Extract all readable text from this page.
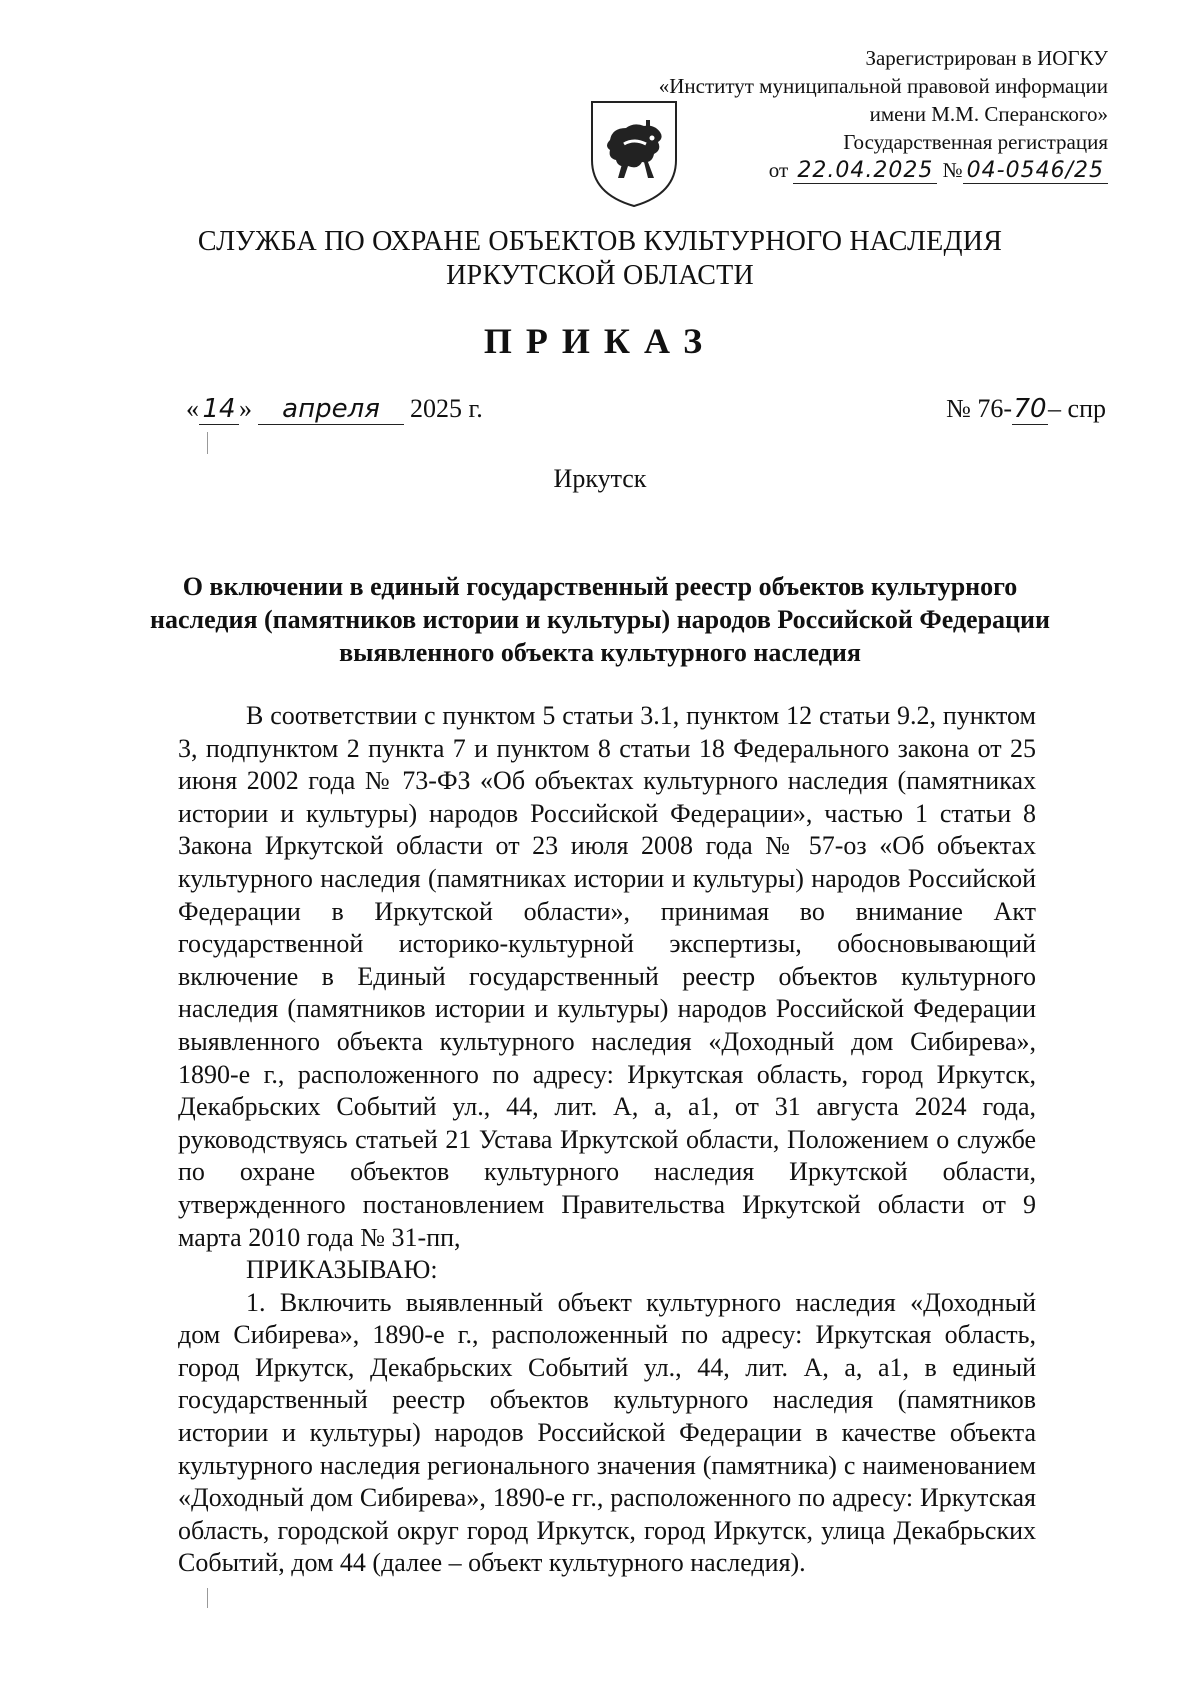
Зарегистрирован в ИОГКУ
«Институт муниципальной правовой информации
имени М.М. Сперанского»
Государственная регистрация
от 22.04.2025 № 04-0546/25
СЛУЖБА ПО ОХРАНЕ ОБЪЕКТОВ КУЛЬТУРНОГО НАСЛЕДИЯ
ИРКУТСКОЙ ОБЛАСТИ
ПРИКАЗ
« 14 » апреля 2025 г.	№ 76-70– спр
Иркутск
О включении в единый государственный реестр объектов культурного наследия (памятников истории и культуры) народов Российской Федерации выявленного объекта культурного наследия

В соответствии с пунктом 5 статьи 3.1, пунктом 12 статьи 9.2, пунктом 3, подпунктом 2 пункта 7 и пунктом 8 статьи 18 Федерального закона от 25 июня 2002 года № 73-ФЗ «Об объектах культурного наследия (памятниках истории и культуры) народов Российской Федерации», частью 1 статьи 8 Закона Иркутской области от 23 июля 2008 года № 57-оз «Об объектах культурного наследия (памятниках истории и культуры) народов Российской Федерации в Иркутской области», принимая во внимание Акт государственной историко-культурной экспертизы, обосновывающий включение в Единый государственный реестр объектов культурного наследия (памятников истории и культуры) народов Российской Федерации выявленного объекта культурного наследия «Доходный дом Сибирева», 1890-е г., расположенного по адресу: Иркутская область, город Иркутск, Декабрьских Событий ул., 44, лит. А, а, а1, от 31 августа 2024 года, руководствуясь статьей 21 Устава Иркутской области, Положением о службе по охране объектов культурного наследия Иркутской области, утвержденного постановлением Правительства Иркутской области от 9 марта 2010 года № 31-пп,

ПРИКАЗЫВАЮ:

1. Включить выявленный объект культурного наследия «Доходный дом Сибирева», 1890-е г., расположенный по адресу: Иркутская область, город Иркутск, Декабрьских Событий ул., 44, лит. А, а, а1, в единый государственный реестр объектов культурного наследия (памятников истории и культуры) народов Российской Федерации в качестве объекта культурного наследия регионального значения (памятника) с наименованием «Доходный дом Сибирева», 1890-е гг., расположенного по адресу: Иркутская область, городской округ город Иркутск, город Иркутск, улица Декабрьских Событий, дом 44 (далее – объект культурного наследия).
